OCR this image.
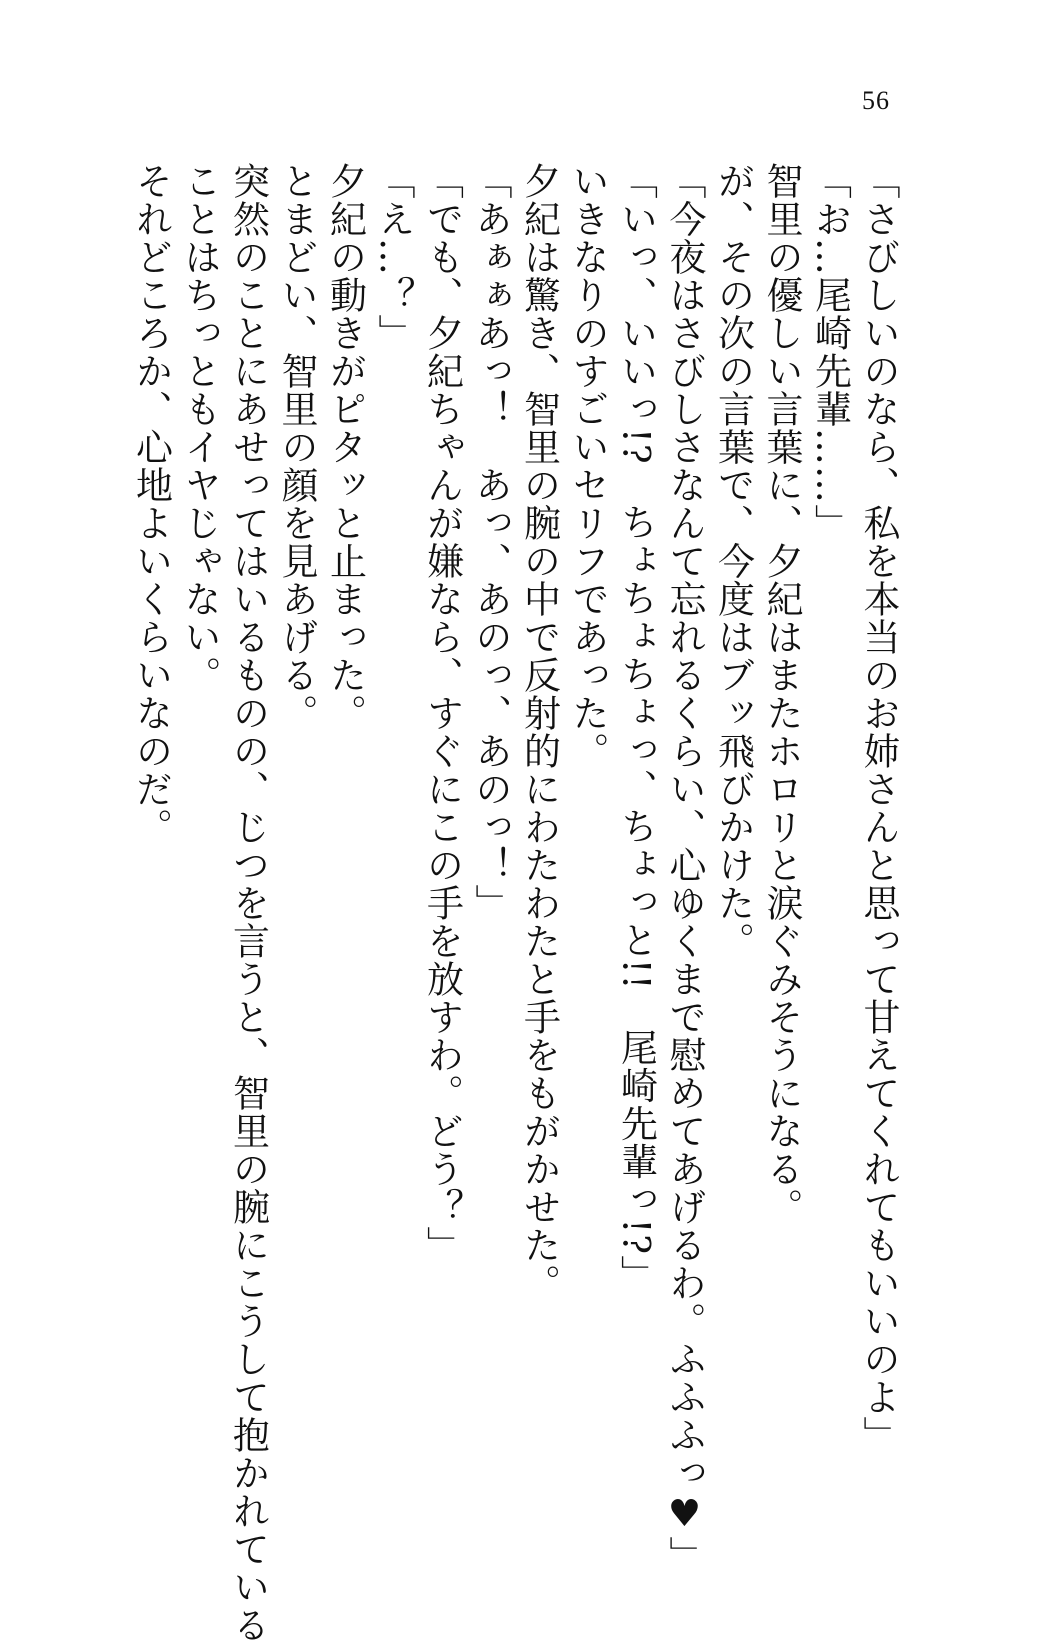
56
「さびしいのなら、私を本当のお姉さんと思って甘えてくれてもいいのよ」
「お…尾崎先輩……」
智里の優しい言葉に、夕紀はまたホロリと涙ぐみそうになる。
が、その次の言葉で、今度はブッ飛びかけた。
「今夜はさびしさなんて忘れるくらい、心ゆくまで慰めてあげるわ。ふふふっ♥」
「いっ、いいっ!?　ちょちょちょっ、ちょっと!!　尾崎先輩っ!?」
いきなりのすごいセリフであった。
夕紀は驚き、智里の腕の中で反射的にわたわたと手をもがかせた。
「あぁぁあっ！　あっ、あのっ、あのっ！」
「でも、夕紀ちゃんが嫌なら、すぐにこの手を放すわ。どう？」
「え…？」
夕紀の動きがピタッと止まった。
とまどい、智里の顔を見あげる。
突然のことにあせってはいるものの、じつを言うと、智里の腕にこうして抱かれている
ことはちっともイヤじゃない。
それどころか、心地よいくらいなのだ。
